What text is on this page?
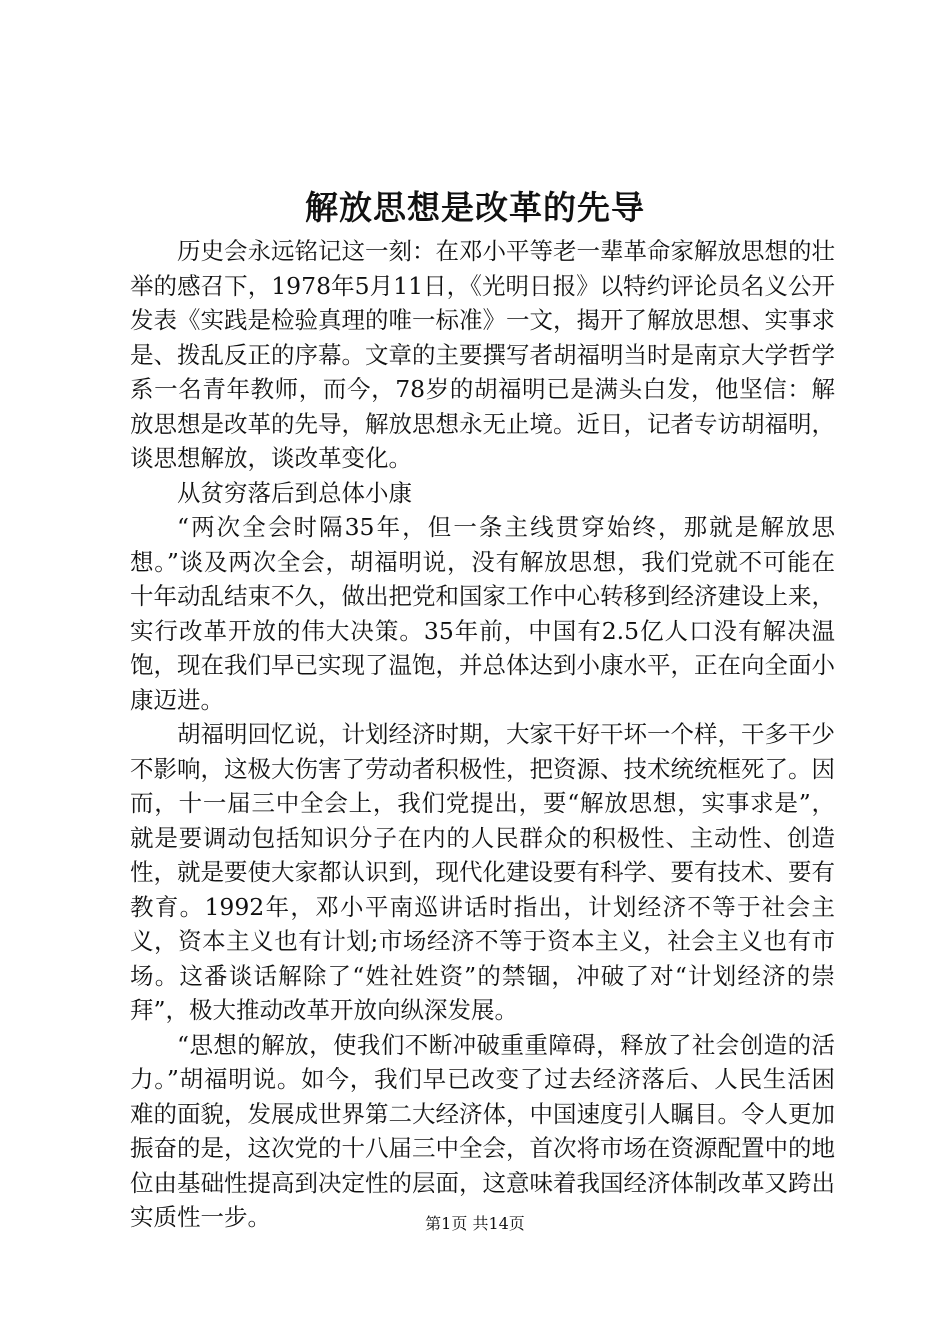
解放思想是改革的先导

历史会永远铭记这一刻：在邓小平等老一辈革命家解放思想的壮举的感召下，1978年5月11日，《光明日报》以特约评论员名义公开发表《实践是检验真理的唯一标准》一文，揭开了解放思想、实事求是、拨乱反正的序幕。文章的主要撰写者胡福明当时是南京大学哲学系一名青年教师，而今，78岁的胡福明已是满头白发，他坚信：解放思想是改革的先导，解放思想永无止境。近日，记者专访胡福明，谈思想解放，谈改革变化。

从贫穷落后到总体小康

“两次全会时隔35年，但一条主线贯穿始终，那就是解放思想。”谈及两次全会，胡福明说，没有解放思想，我们党就不可能在十年动乱结束不久，做出把党和国家工作中心转移到经济建设上来，实行改革开放的伟大决策。35年前，中国有2.5亿人口没有解决温饱，现在我们早已实现了温饱，并总体达到小康水平，正在向全面小康迈进。

胡福明回忆说，计划经济时期，大家干好干坏一个样，干多干少不影响，这极大伤害了劳动者积极性，把资源、技术统统框死了。因而，十一届三中全会上，我们党提出，要“解放思想，实事求是”，就是要调动包括知识分子在内的人民群众的积极性、主动性、创造性，就是要使大家都认识到，现代化建设要有科学、要有技术、要有教育。1992年，邓小平南巡讲话时指出，计划经济不等于社会主义，资本主义也有计划;市场经济不等于资本主义，社会主义也有市场。这番谈话解除了“姓社姓资”的禁锢，冲破了对“计划经济的崇拜”，极大推动改革开放向纵深发展。

“思想的解放，使我们不断冲破重重障碍，释放了社会创造的活力。”胡福明说。如今，我们早已改变了过去经济落后、人民生活困难的面貌，发展成世界第二大经济体，中国速度引人瞩目。令人更加振奋的是，这次党的十八届三中全会，首次将市场在资源配置中的地位由基础性提高到决定性的层面，这意味着我国经济体制改革又跨出实质性一步。	第1页 共14页
